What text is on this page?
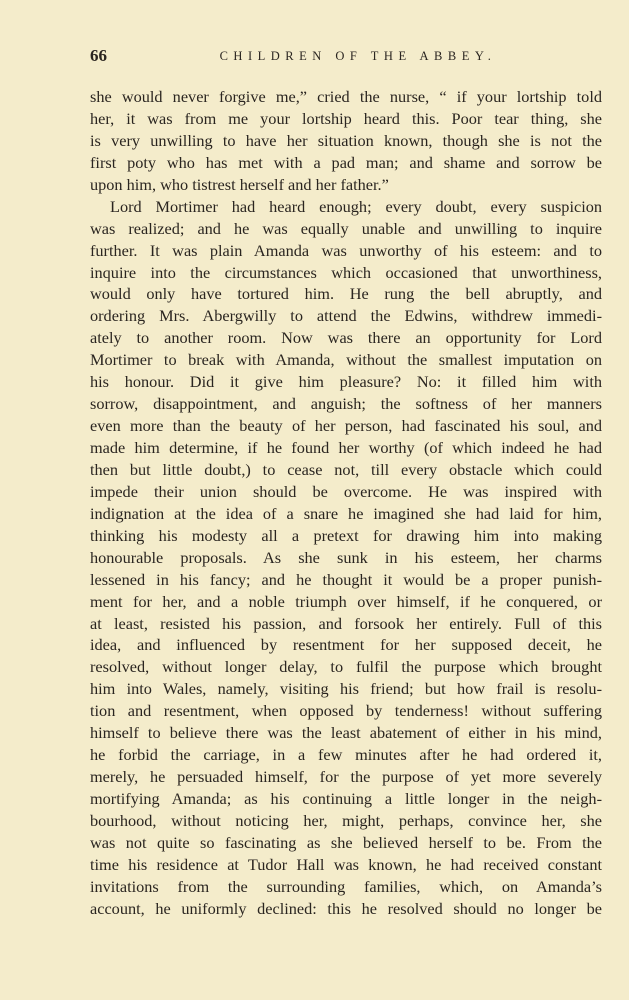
66	CHILDREN OF THE ABBEY.
she would never forgive me,” cried the nurse, “ if your lortship told
her, it was from me your lortship heard this. Poor tear thing, she
is very unwilling to have her situation known, though she is not the
first poty who has met with a pad man; and shame and sorrow be
upon him, who tistrest herself and her father.”
Lord Mortimer had heard enough; every doubt, every suspicion
was realized; and he was equally unable and unwilling to inquire
further. It was plain Amanda was unworthy of his esteem: and to
inquire into the circumstances which occasioned that unworthiness,
would only have tortured him. He rung the bell abruptly, and
ordering Mrs. Abergwilly to attend the Edwins, withdrew immedi-
ately to another room. Now was there an opportunity for Lord
Mortimer to break with Amanda, without the smallest imputation on
his honour. Did it give him pleasure? No: it filled him with
sorrow, disappointment, and anguish; the softness of her manners
even more than the beauty of her person, had fascinated his soul, and
made him determine, if he found her worthy (of which indeed he had
then but little doubt,) to cease not, till every obstacle which could
impede their union should be overcome. He was inspired with
indignation at the idea of a snare he imagined she had laid for him,
thinking his modesty all a pretext for drawing him into making
honourable proposals. As she sunk in his esteem, her charms
lessened in his fancy; and he thought it would be a proper punish-
ment for her, and a noble triumph over himself, if he conquered, or
at least, resisted his passion, and forsook her entirely. Full of this
idea, and influenced by resentment for her supposed deceit, he
resolved, without longer delay, to fulfil the purpose which brought
him into Wales, namely, visiting his friend; but how frail is resolu-
tion and resentment, when opposed by tenderness! without suffering
himself to believe there was the least abatement of either in his mind,
he forbid the carriage, in a few minutes after he had ordered it,
merely, he persuaded himself, for the purpose of yet more severely
mortifying Amanda; as his continuing a little longer in the neigh-
bourhood, without noticing her, might, perhaps, convince her, she
was not quite so fascinating as she believed herself to be. From the
time his residence at Tudor Hall was known, he had received constant
invitations from the surrounding families, which, on Amanda’s
account, he uniformly declined: this he resolved should no longer be
